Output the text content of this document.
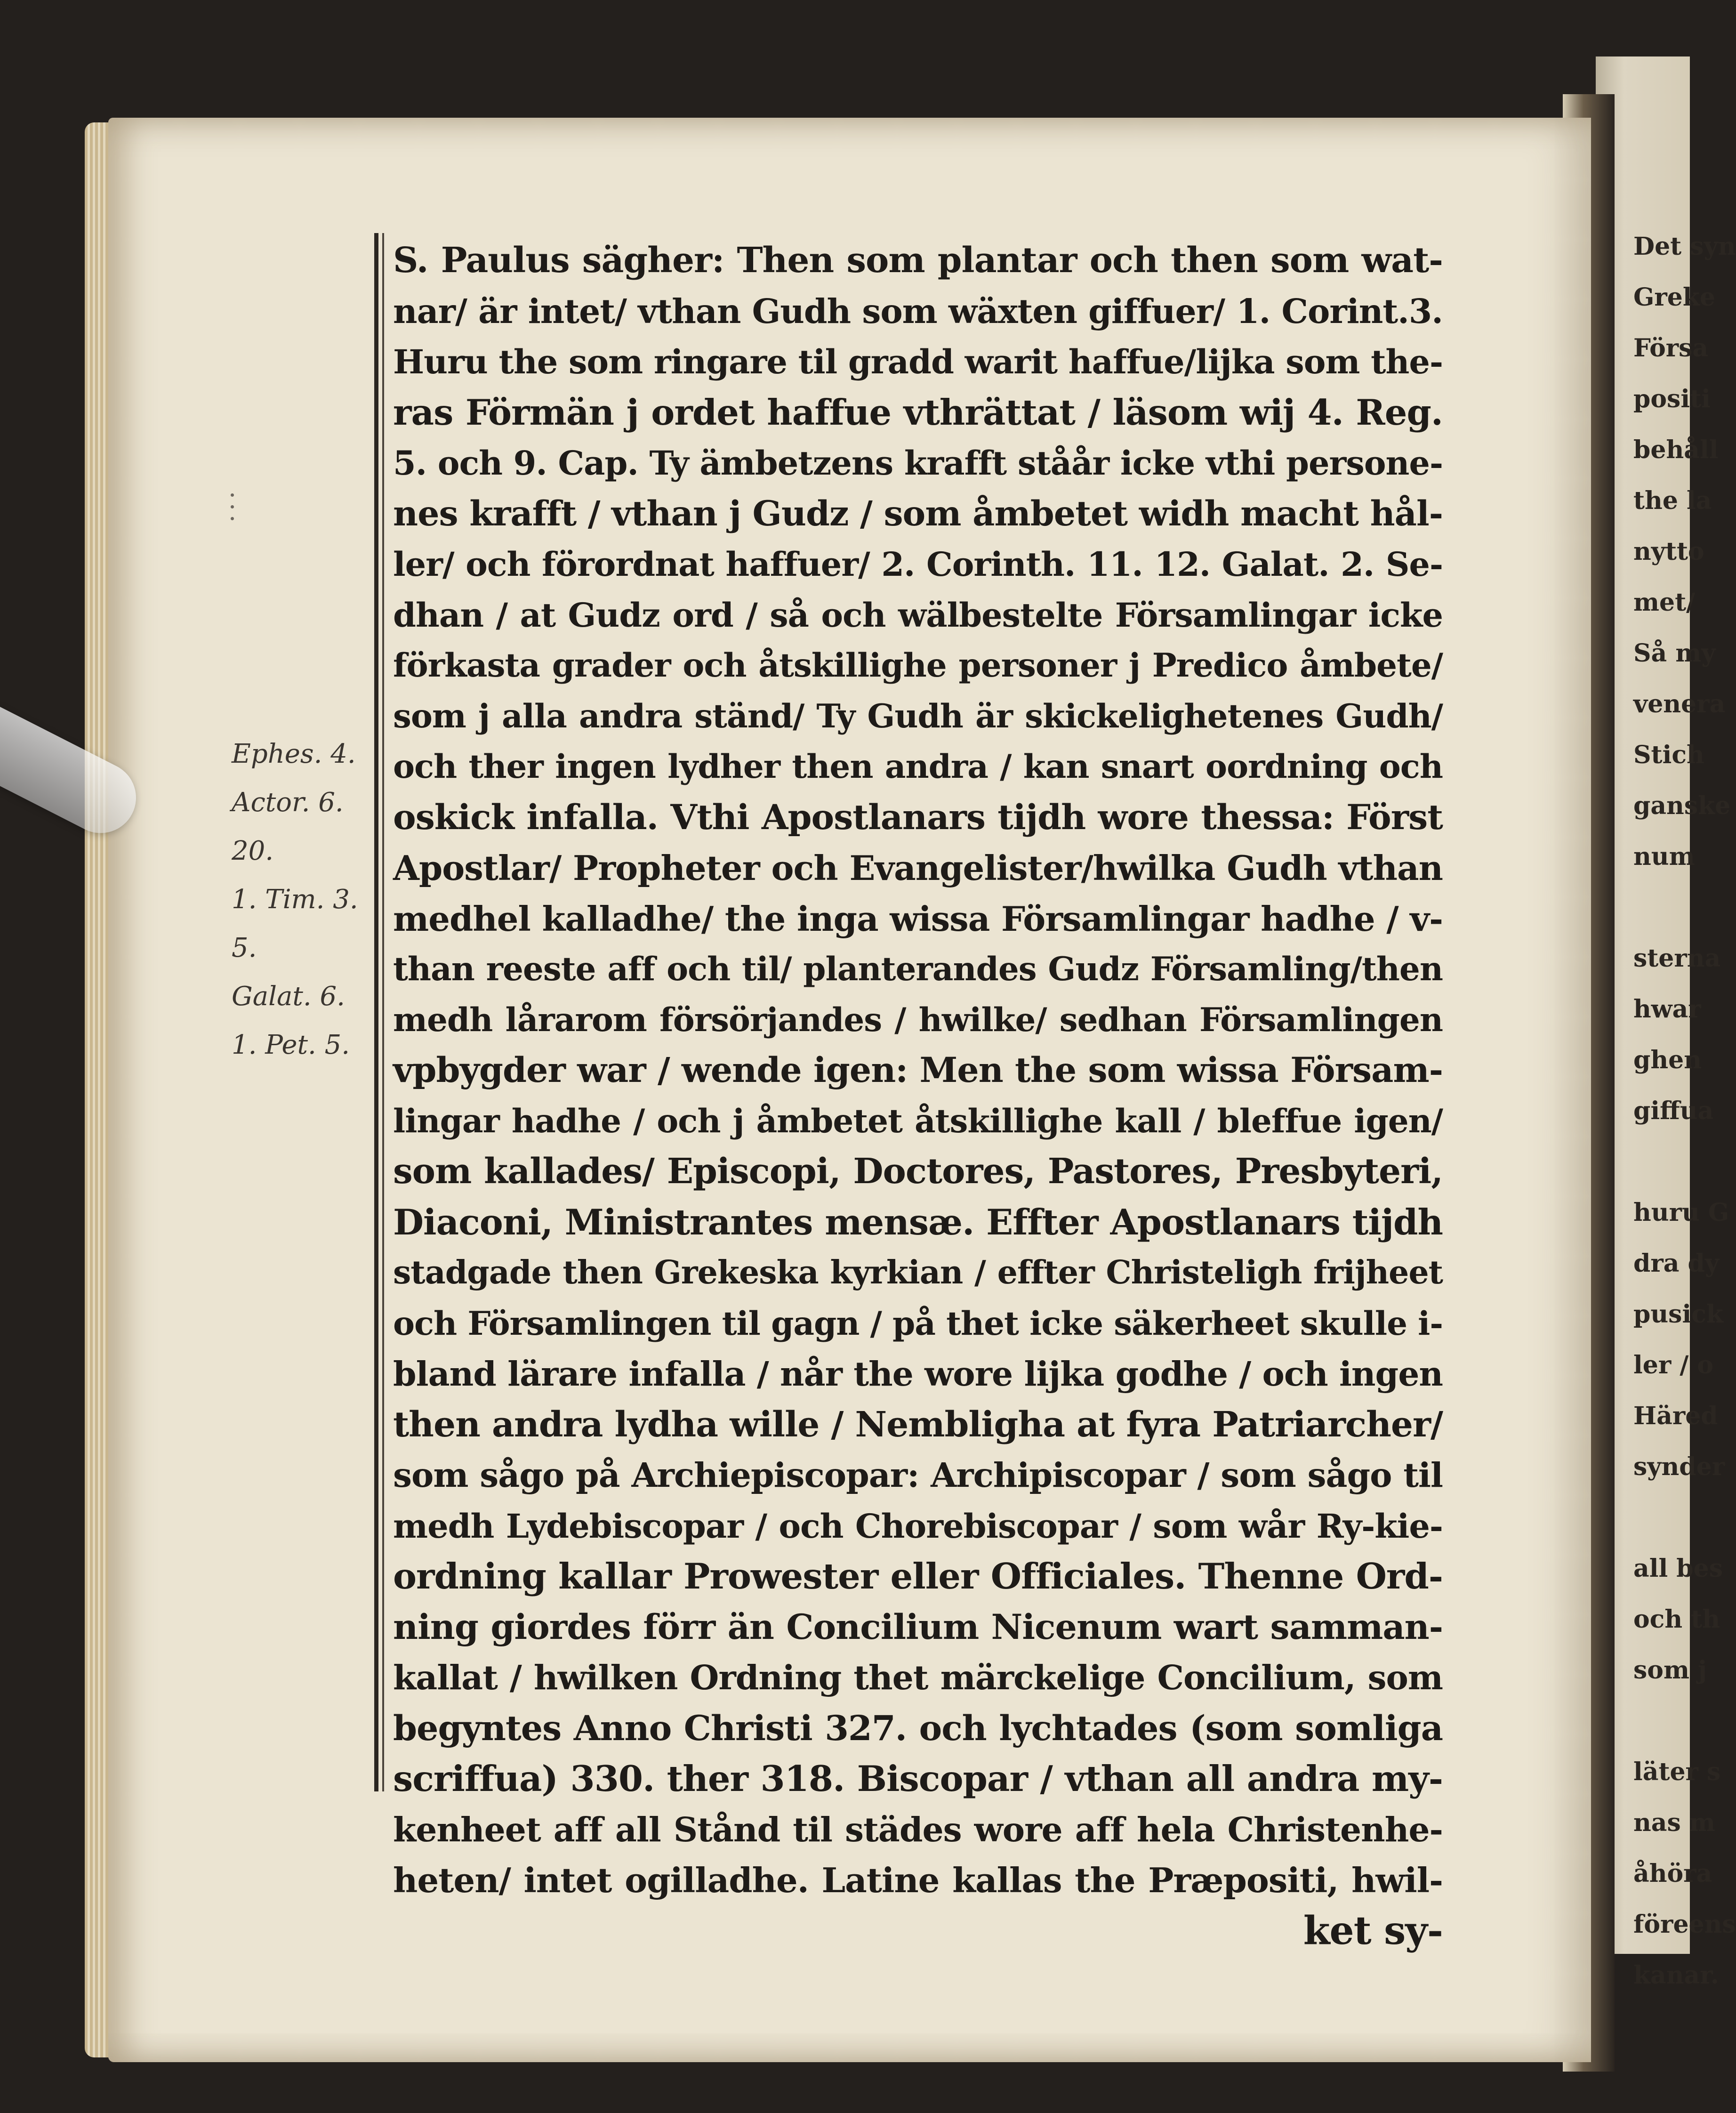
S. Paulus sägher: Then som plantar och then som wat-
nar/ är intet/ vthan Gudh som wäxten giffuer/ 1. Corint.3.
Huru the som ringare til gradd warit haffue/lijka som the-
ras Förmän j ordet haffue vthrättat / läsom wij 4. Reg.
5. och 9. Cap. Ty ämbetzens krafft ståår icke vthi persone-
nes krafft / vthan j Gudz / som åmbetet widh macht hål-
ler/ och förordnat haffuer/ 2. Corinth. 11. 12. Galat. 2. Se-
dhan / at Gudz ord / så och wälbestelte Församlingar icke
förkasta grader och åtskillighe personer j Predico åmbete/
som j alla andra ständ/ Ty Gudh är skickelighetenes Gudh/
och ther ingen lydher then andra / kan snart oordning och
oskick infalla. Vthi Apostlanars tijdh wore thessa: Först
Apostlar/ Propheter och Evangelister/hwilka Gudh vthan
medhel kalladhe/ the inga wissa Församlingar hadhe / v-
than reeste aff och til/ planterandes Gudz Församling/then
medh lårarom försörjandes / hwilke/ sedhan Församlingen
vpbygder war / wende igen: Men the som wissa Försam-
lingar hadhe / och j åmbetet åtskillighe kall / bleffue igen/
som kallades/ Episcopi, Doctores, Pastores, Presbyteri,
Diaconi, Ministrantes mensæ. Effter Apostlanars tijdh
stadgade then Grekeska kyrkian / effter Christeligh frijheet
och Församlingen til gagn / på thet icke säkerheet skulle i-
bland lärare infalla / når the wore lijka godhe / och ingen
then andra lydha wille / Nembligha at fyra Patriarcher/
som sågo på Archiepiscopar: Archipiscopar / som sågo til
medh Lydebiscopar / och Chorebiscopar / som wår Ry-kie-
ordning kallar Prowester eller Officiales. Thenne Ord-
ning giordes förr än Concilium Nicenum wart samman-
kallat / hwilken Ordning thet märckelige Concilium, som
begyntes Anno Christi 327. och lychtades (som somliga
scriffua) 330. ther 318. Biscopar / vthan all andra my-
kenheet aff all Stånd til städes wore aff hela Christenhe-
heten/ intet ogilladhe. Latine kallas the Præpositi, hwil-
ket sy-
Ephes. 4.
Actor. 6.
20.
1. Tim. 3.
5.
Galat. 6.
1. Pet. 5.
Det syn
Greke
Försa
positi
behåll
the la
nytto
met/
Så my
venera
Stich
ganske
num
sterna
hwar
ghen
giffua
huru G
dra dy
pusick
ler / o
Häred
synder
all bes
och th
som j
läter s
nas m
åhöra
föreens
kanar.
